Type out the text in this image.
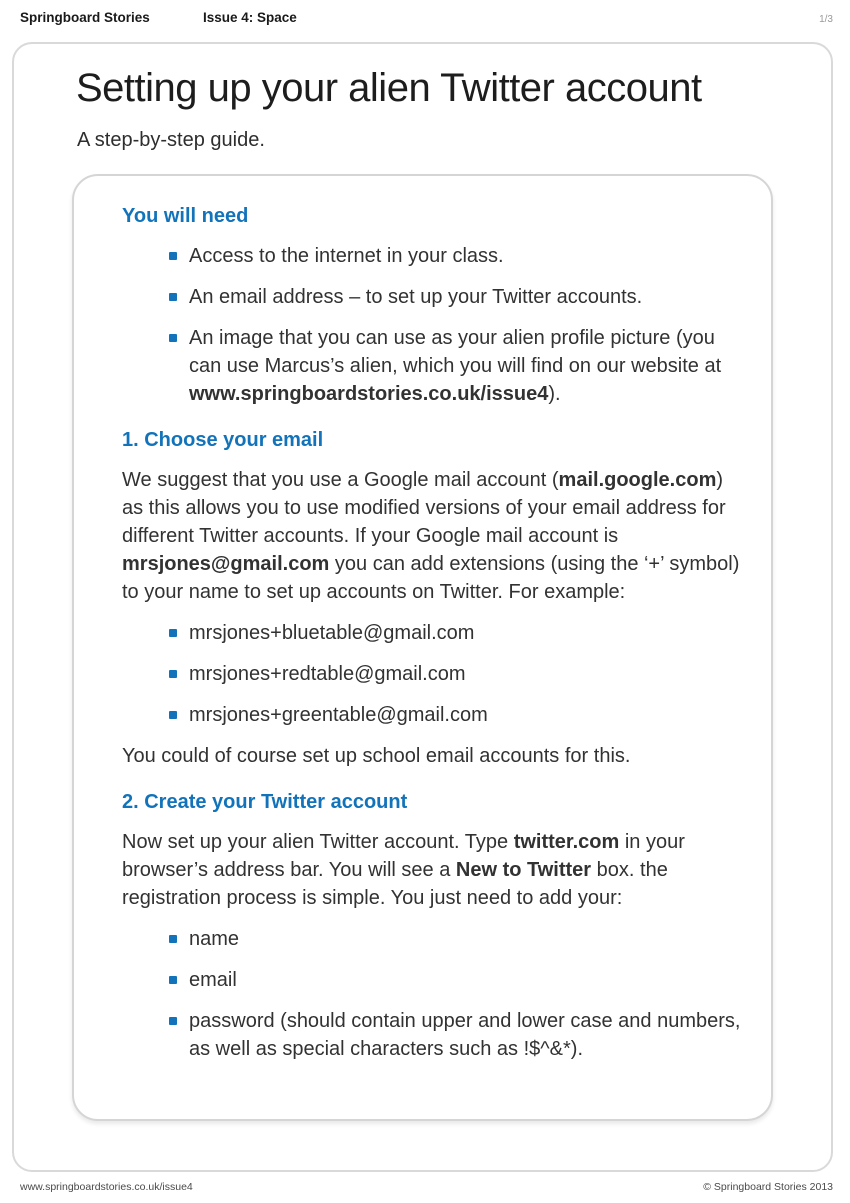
Springboard Stories	Issue 4: Space	1/3
Setting up your alien Twitter account

A step-by-step guide.

You will need
Access to the internet in your class.
An email address – to set up your Twitter accounts.
An image that you can use as your alien profile picture (you can use Marcus’s alien, which you will find on our website at www.springboardstories.co.uk/issue4).
1. Choose your email

We suggest that you use a Google mail account (mail.google.com) as this allows you to use modified versions of your email address for different Twitter accounts. If your Google mail account is mrsjones@gmail.com you can add extensions (using the ‘+’ symbol) to your name to set up accounts on Twitter. For example:

mrsjones+bluetable@gmail.com
mrsjones+redtable@gmail.com
mrsjones+greentable@gmail.com

You could of course set up school email accounts for this.

2. Create your Twitter account

Now set up your alien Twitter account. Type twitter.com in your browser’s address bar. You will see a New to Twitter box. the registration process is simple. You just need to add your:

name
email
password (should contain upper and lower case and numbers, as well as special characters such as !$^&*).
www.springboardstories.co.uk/issue4	© Springboard Stories 2013
